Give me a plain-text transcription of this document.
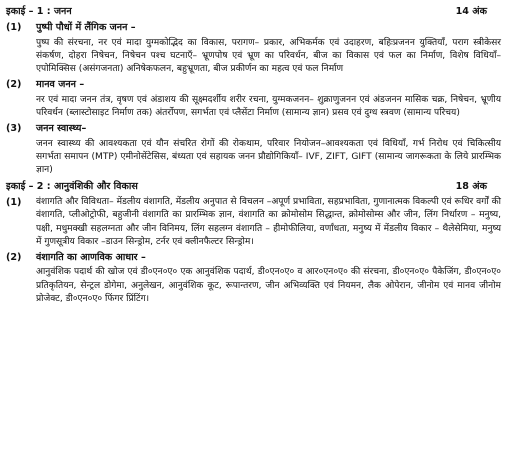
इकाई – 1 : जनन	14 अंक
(1)	पुष्पी पौधों में लैंगिक जनन –

पुष्प की संरचना, नर एवं मादा युग्मकोद्भिद का विकास, परागण– प्रकार, अभिकर्मक एवं उदाहरण, बहिःप्रजनन युक्तियाँ, पराग स्त्रीकेसर संकर्षण, दोहरा निषेचन, निषेचन पश्च घटनाएँ– भ्रूणपोष एवं भ्रूण का परिवर्धन, बीज का विकास एवं फल का निर्माण, विशेष विधियाँ– एपोमिक्सिस (असंगजनता) अनिषेकफलन, बहुभ्रूणता, बीज प्रकीर्णन का महत्व एवं फल निर्माण

(2)	मानव जनन –

नर एवं मादा जनन तंत्र, वृषण एवं अंडाशय की सूक्ष्मदर्शीय शरीर रचना, युग्मकजनन– शुक्राणुजनन एवं अंडजनन मासिक चक्र, निषेचन, भ्रूणीय परिवर्धन (ब्लास्टोसाइट निर्माण तक) अंतर्रोपण, सगर्भता एवं प्लैसेंटा निर्माण (सामान्य ज्ञान) प्रसव एवं दुग्ध स्त्रवण (सामान्य परिचय)

(3)	जनन स्वास्थ्य–

जनन स्वास्थ्य की आवश्यकता एवं यौन संचरित रोगों की रोकथाम, परिवार नियोजन–आवश्यकता एवं विधियाँ, गर्भ निरोध एवं चिकित्सीय सगर्भता समापन (MTP) एमीनोसेंटेसिस, बंध्यता एवं सहायक जनन प्रौद्योगिकियाँ– IVF, ZIFT, GIFT (सामान्य जागरूकता के लिये प्रारम्भिक ज्ञान)

इकाई – 2 : आनुवंशिकी और विकास	18 अंक
(1)	वंशागति और विविधता– मेंडलीय वंशागति, मेंडलीय अनुपात से विचलन –अपूर्ण प्रभाविता, सहप्रभाविता, गुणानात्मक विकल्पी एवं रूधिर वर्गों की वंशागति, प्लीओट्रोफी, बहुजीनी वंशागति का प्रारम्भिक ज्ञान, वंशागति का क्रोमोसोम सिद्धान्त, क्रोमोसोम्स और जीन, लिंग निर्धारण – मनुष्य, पक्षी, मधुमक्खी सहलग्नता और जीन विनिमय, लिंग सहलग्न वंशागति – हीमोफीलिया, वर्णांधता, मनुष्य में मेंडलीय विकार – थैलेसेमिया, मनुष्य में गुणसूत्रीय विकार –डाउन सिन्ड्रोम, टर्नर एवं क्लीनफैल्टर सिन्ड्रोम।

(2)	वंशागति का आणविक आधार –

आनुवंशिक पदार्थ की खोज एवं डी०एन०ए० एक आनुवंशिक पदार्थ, डी०एन०ए० व आर०एन०ए० की संरचना, डी०एन०ए० पैकेजिंग, डी०एन०ए० प्रतिकृतियन, सेन्ट्रल डोगेमा, अनुलेखन, आनुवंशिक कूट, रूपान्तरण, जीन अभिव्यक्ति एवं नियमन, लैक ओपेरान, जीनोम एवं मानव जीनोम प्रोजेक्ट, डी०एन०ए० फिंगर प्रिंटिंग।
